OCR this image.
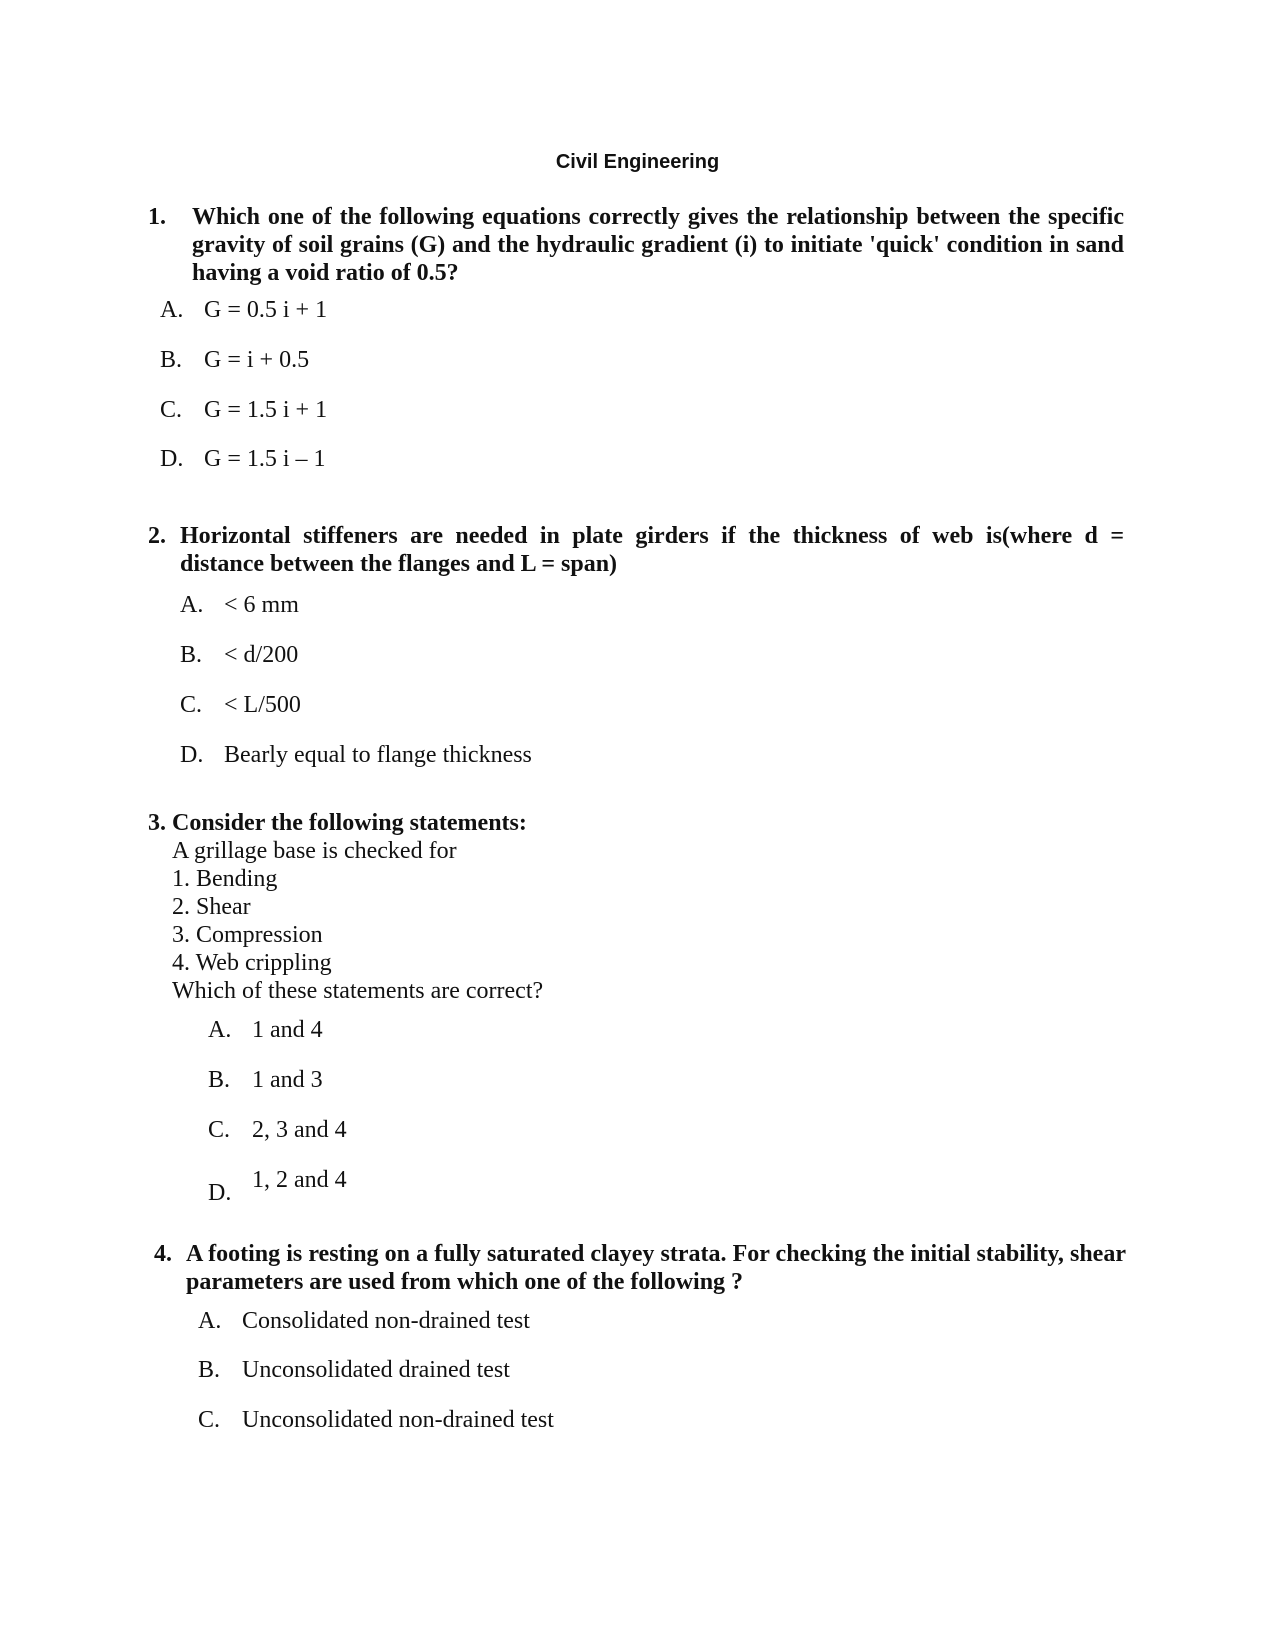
Civil Engineering
1. Which one of the following equations correctly gives the relationship between the specific gravity of soil grains (G) and the hydraulic gradient (i) to initiate 'quick' condition in sand having a void ratio of 0.5?
A. G = 0.5 i + 1
B. G = i + 0.5
C. G = 1.5 i + 1
D. G = 1.5 i – 1
2. Horizontal stiffeners are needed in plate girders if the thickness of web is(where d = distance between the flanges and L = span)
A. < 6 mm
B. < d/200
C. < L/500
D. Bearly equal to flange thickness
3. Consider the following statements:
A grillage base is checked for
1. Bending
2. Shear
3. Compression
4. Web crippling
Which of these statements are correct?
A. 1 and 4
B. 1 and 3
C. 2, 3 and 4
D. 1, 2 and 4
4. A footing is resting on a fully saturated clayey strata. For checking the initial stability, shear parameters are used from which one of the following ?
A. Consolidated non-drained test
B. Unconsolidated drained test
C. Unconsolidated non-drained test
